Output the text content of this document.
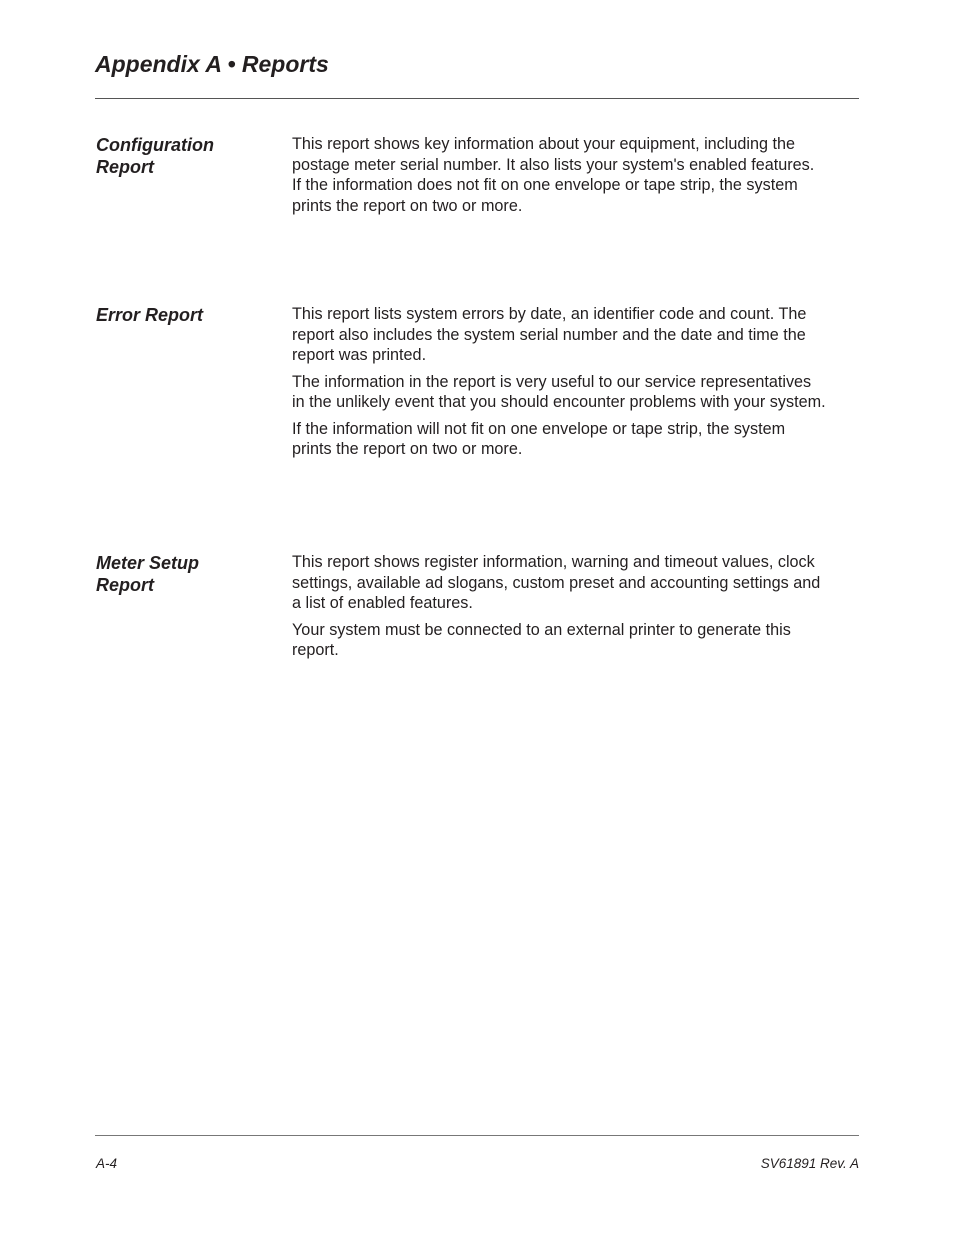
Appendix A • Reports
Configuration
Report

This report shows key information about your equipment, including the
postage meter serial number. It also lists your system's enabled features.
If the information does not fit on one envelope or tape strip, the system
prints the report on two or more.

Error Report	This report lists system errors by date, an identifier code and count. The
report also includes the system serial number and the date and time the
report was printed.

The information in the report is very useful to our service representatives
in the unlikely event that you should encounter problems with your system.

If the information will not fit on one envelope or tape strip, the system
prints the report on two or more.

Meter Setup
Report

This report shows register information, warning and timeout values, clock
settings, available ad slogans, custom preset and accounting settings and
a list of enabled features.

Your system must be connected to an external printer to generate this
report.

A-4	SV61891 Rev. A
